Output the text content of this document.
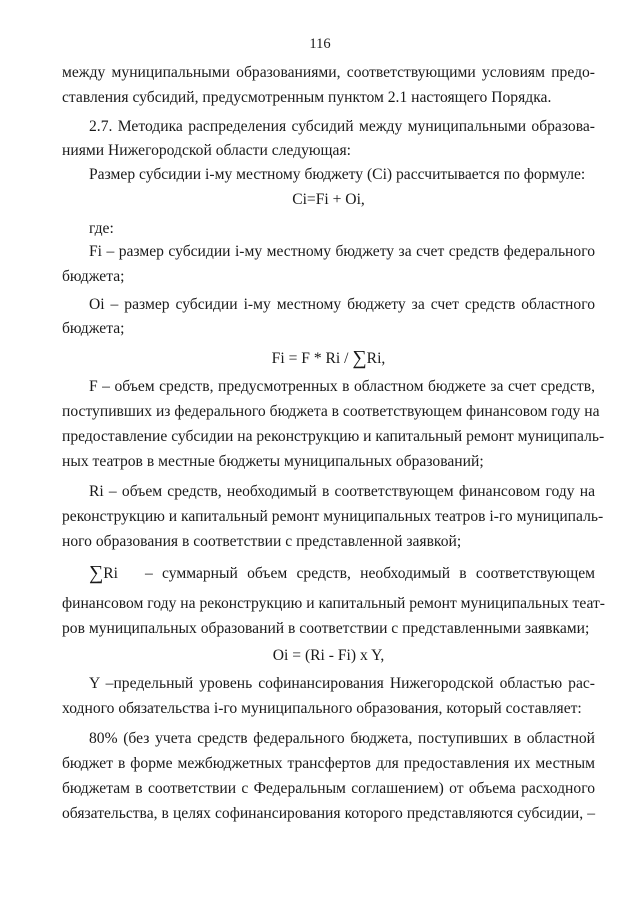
116
между муниципальными образованиями, соответствующими условиям предо-
ставления субсидий, предусмотренным пунктом 2.1 настоящего Порядка.
2.7. Методика распределения субсидий между муниципальными образова-
ниями Нижегородской области следующая:
Размер субсидии i-му местному бюджету (Ci) рассчитывается по формуле:
Ci=Fi + Oi,
где:
Fi – размер субсидии i-му местному бюджету за счет средств федерального
бюджета;
Oi – размер субсидии i-му местному бюджету за счет средств областного
бюджета;
Fi = F * Ri / ∑Ri,
F – объем средств, предусмотренных в областном бюджете за счет средств,
поступивших из федерального бюджета в соответствующем финансовом году на
предоставление субсидии на реконструкцию и капитальный ремонт муниципаль-
ных театров в местные бюджеты муниципальных образований;
Ri – объем средств, необходимый в соответствующем финансовом году на
реконструкцию и капитальный ремонт муниципальных театров i-го муниципаль-
ного образования в соответствии с представленной заявкой;
∑Ri – суммарный объем средств, необходимый в соответствующем
финансовом году на реконструкцию и капитальный ремонт муниципальных теат-
ров муниципальных образований в соответствии с представленными заявками;
Oi = (Ri - Fi) x Y,
Y –предельный уровень софинансирования Нижегородской областью рас-
ходного обязательства i-го муниципального образования, который составляет:
80% (без учета средств федерального бюджета, поступивших в областной
бюджет в форме межбюджетных трансфертов для предоставления их местным
бюджетам в соответствии с Федеральным соглашением) от объема расходного
обязательства, в целях софинансирования которого представляются субсидии, –
